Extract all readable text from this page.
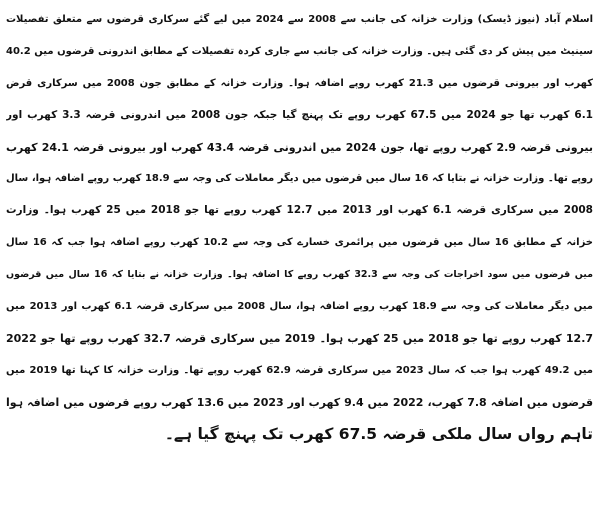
اسلام آباد (نیوز ڈیسک) وزارت خزانہ کی جانب سے 2008 سے 2024 میں لیے گئے سرکاری قرضوں سے متعلق تفصیلات
سینیٹ میں پیش کر دی گئی ہیں۔ وزارت خزانہ کی جانب سے جاری کردہ تفصیلات کے مطابق اندرونی قرضوں میں 40.2
کھرب اور بیرونی قرضوں میں 21.3 کھرب روپے اضافہ ہوا۔ وزارت خزانہ کے مطابق جون 2008 میں سرکاری قرض
6.1 کھرب تھا جو 2024 میں 67.5 کھرب روپے تک پہنچ گیا جبکہ جون 2008 میں اندرونی قرضہ 3.3 کھرب اور
بیرونی قرضہ 2.9 کھرب روپے تھا، جون 2024 میں اندرونی قرضہ 43.4 کھرب اور بیرونی قرضہ 24.1 کھرب
روپے تھا۔ وزارت خزانہ نے بتایا کہ 16 سال میں قرضوں میں دیگر معاملات کی وجہ سے 18.9 کھرب روپے اضافہ ہوا، سال
2008 میں سرکاری قرضہ 6.1 کھرب اور 2013 میں 12.7 کھرب روپے تھا جو 2018 میں 25 کھرب ہوا۔ وزارت
خزانہ کے مطابق 16 سال میں قرضوں میں پرائمری خسارے کی وجہ سے 10.2 کھرب روپے اضافہ ہوا جب کہ 16 سال
میں قرضوں میں سود اخراجات کی وجہ سے 32.3 کھرب روپے کا اضافہ ہوا۔ وزارت خزانہ نے بتایا کہ 16 سال میں قرضوں
میں دیگر معاملات کی وجہ سے 18.9 کھرب روپے اضافہ ہوا، سال 2008 میں سرکاری قرضہ 6.1 کھرب اور 2013 میں
12.7 کھرب روپے تھا جو 2018 میں 25 کھرب ہوا۔ 2019 میں سرکاری قرضہ 32.7 کھرب روپے تھا جو 2022
میں 49.2 کھرب ہوا جب کہ سال 2023 میں سرکاری قرضہ 62.9 کھرب روپے تھا۔ وزارت خزانہ کا کہنا تھا 2019 میں
قرضوں میں اضافہ 7.8 کھرب، 2022 میں 9.4 کھرب اور 2023 میں 13.6 کھرب روپے قرضوں میں اضافہ ہوا
تاہم رواں سال ملکی قرضہ 67.5 کھرب تک پہنچ گیا ہے۔
